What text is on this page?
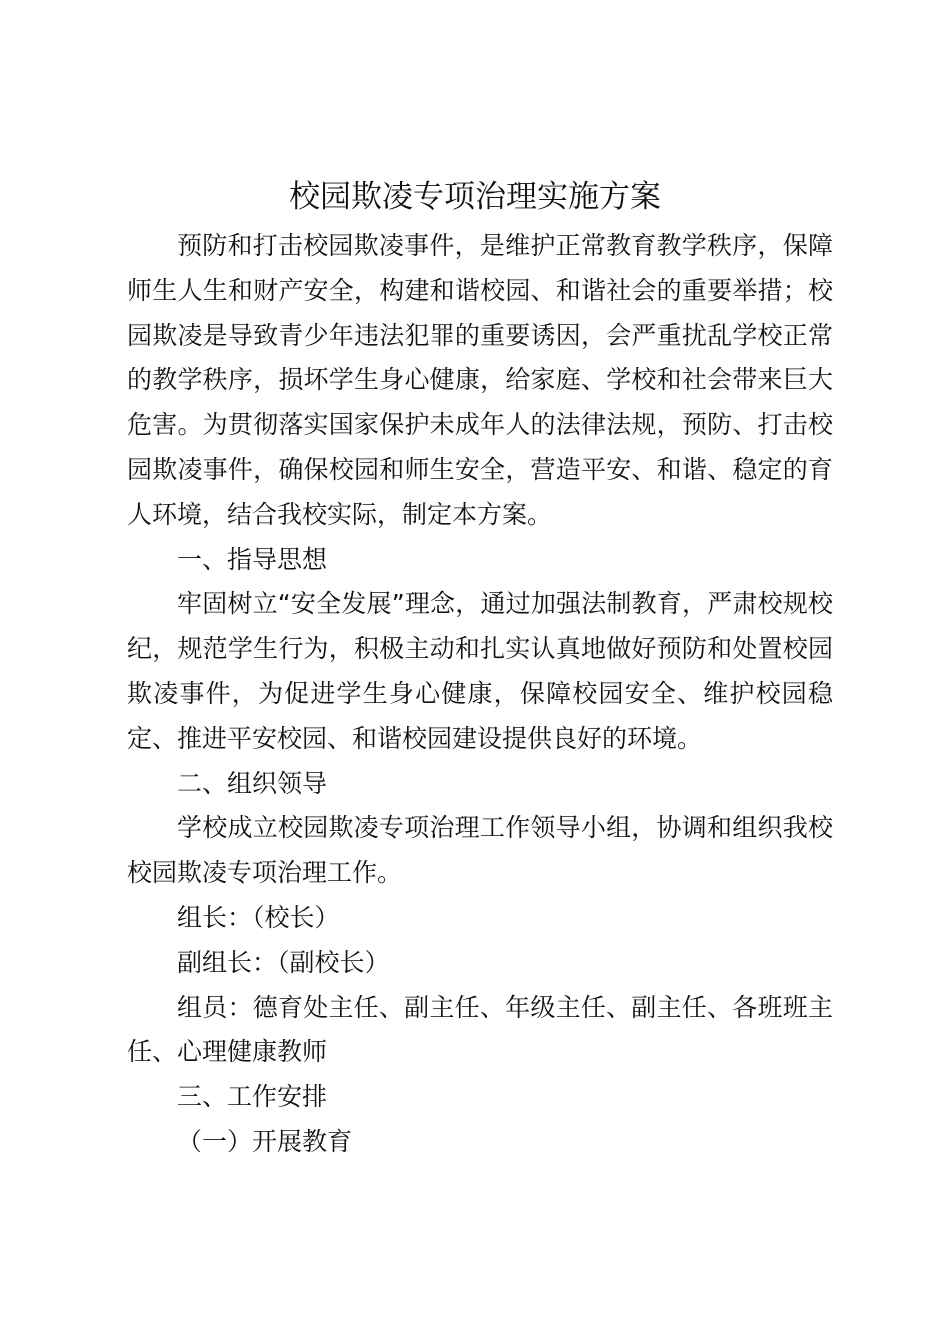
校园欺凌专项治理实施方案

预防和打击校园欺凌事件，是维护正常教育教学秩序，保障师生人生和财产安全，构建和谐校园、和谐社会的重要举措；校园欺凌是导致青少年违法犯罪的重要诱因，会严重扰乱学校正常的教学秩序，损坏学生身心健康，给家庭、学校和社会带来巨大危害。为贯彻落实国家保护未成年人的法律法规，预防、打击校园欺凌事件，确保校园和师生安全，营造平安、和谐、稳定的育人环境，结合我校实际，制定本方案。

一、指导思想

牢固树立“安全发展”理念，通过加强法制教育，严肃校规校纪，规范学生行为，积极主动和扎实认真地做好预防和处置校园欺凌事件，为促进学生身心健康，保障校园安全、维护校园稳定、推进平安校园、和谐校园建设提供良好的环境。

二、组织领导

学校成立校园欺凌专项治理工作领导小组，协调和组织我校校园欺凌专项治理工作。

组长：（校长）

副组长：（副校长）

组员：德育处主任、副主任、年级主任、副主任、各班班主任、心理健康教师

三、工作安排

（一）开展教育
